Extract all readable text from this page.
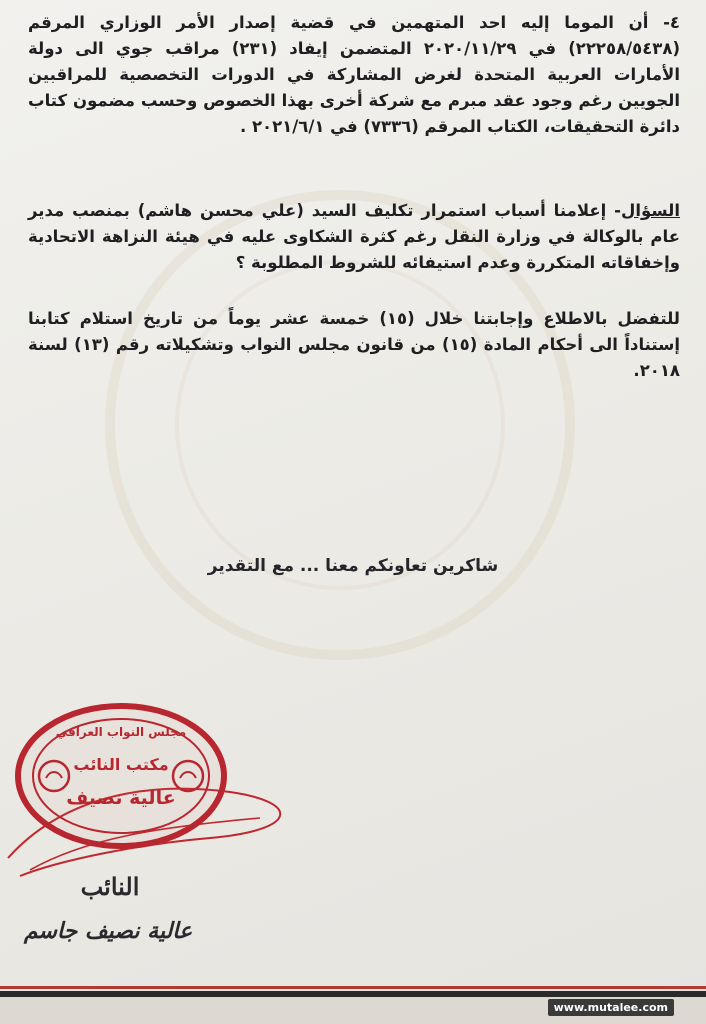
٤- أن الموما إليه احد المتهمين في قضية إصدار الأمر الوزاري المرقم (٢٢٢٥٨/٥٤٣٨) في ٢٠٢٠/١١/٢٩ المتضمن إيفاد (٢٣١) مراقب جوي الى دولة الأمارات العربية المتحدة لغرض المشاركة في الدورات التخصصية للمراقبين الجويين رغم وجود عقد مبرم مع شركة أخرى بهذا الخصوص وحسب مضمون كتاب دائرة التحقيقات، الكتاب المرقم (٧٣٣٦) في ٢٠٢١/٦/١ .
السؤال- إعلامنا أسباب استمرار تكليف السيد (علي محسن هاشم) بمنصب مدير عام بالوكالة في وزارة النقل رغم كثرة الشكاوى عليه في هيئة النزاهة الاتحادية وإخفاقاته المتكررة وعدم استيفائه للشروط المطلوبة ؟
للتفضل بالاطلاع وإجابتنا خلال (١٥) خمسة عشر يوماً من تاريخ استلام كتابنا إستناداً الى أحكام المادة (١٥) من قانون مجلس النواب وتشكيلاته رقم (١٣) لسنة ٢٠١٨.
شاكرين تعاونكم معنا ... مع التقدير
مجلس النواب العراقي
مكتب النائب
عالية نصيف
النائب
عالية نصيف جاسم
www.mutalee.com
